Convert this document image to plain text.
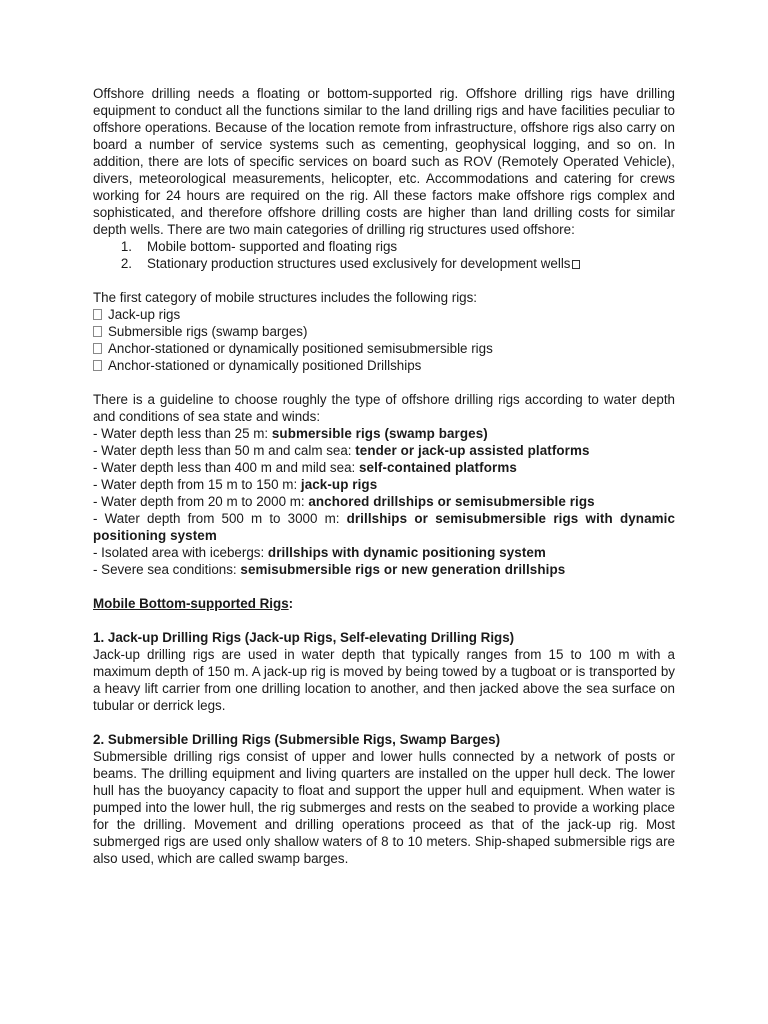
Offshore drilling needs a floating or bottom-supported rig. Offshore drilling rigs have drilling equipment to conduct all the functions similar to the land drilling rigs and have facilities peculiar to offshore operations. Because of the location remote from infrastructure, offshore rigs also carry on board a number of service systems such as cementing, geophysical logging, and so on. In addition, there are lots of specific services on board such as ROV (Remotely Operated Vehicle), divers, meteorological measurements, helicopter, etc. Accommodations and catering for crews working for 24 hours are required on the rig. All these factors make offshore rigs complex and sophisticated, and therefore offshore drilling costs are higher than land drilling costs for similar depth wells. There are two main categories of drilling rig structures used offshore:

1.	Mobile bottom- supported and floating rigs
2.	Stationary production structures used exclusively for development wells

The first category of mobile structures includes the following rigs:

Jack-up rigs
Submersible rigs (swamp barges)
Anchor-stationed or dynamically positioned semisubmersible rigs
Anchor-stationed or dynamically positioned Drillships

There is a guideline to choose roughly the type of offshore drilling rigs according to water depth and conditions of sea state and winds:

- Water depth less than 25 m: submersible rigs (swamp barges)
- Water depth less than 50 m and calm sea: tender or jack-up assisted platforms
- Water depth less than 400 m and mild sea: self-contained platforms
- Water depth from 15 m to 150 m: jack-up rigs
- Water depth from 20 m to 2000 m: anchored drillships or semisubmersible rigs
- Water depth from 500 m to 3000 m: drillships or semisubmersible rigs with dynamic positioning system
- Isolated area with icebergs: drillships with dynamic positioning system
- Severe sea conditions: semisubmersible rigs or new generation drillships

Mobile Bottom-supported Rigs:

1. Jack-up Drilling Rigs (Jack-up Rigs, Self-elevating Drilling Rigs)

Jack-up drilling rigs are used in water depth that typically ranges from 15 to 100 m with a maximum depth of 150 m. A jack-up rig is moved by being towed by a tugboat or is transported by a heavy lift carrier from one drilling location to another, and then jacked above the sea surface on tubular or derrick legs.

2. Submersible Drilling Rigs (Submersible Rigs, Swamp Barges)

Submersible drilling rigs consist of upper and lower hulls connected by a network of posts or beams. The drilling equipment and living quarters are installed on the upper hull deck. The lower hull has the buoyancy capacity to float and support the upper hull and equipment. When water is pumped into the lower hull, the rig submerges and rests on the seabed to provide a working place for the drilling. Movement and drilling operations proceed as that of the jack-up rig. Most submerged rigs are used only shallow waters of 8 to 10 meters. Ship-shaped submersible rigs are also used, which are called swamp barges.
